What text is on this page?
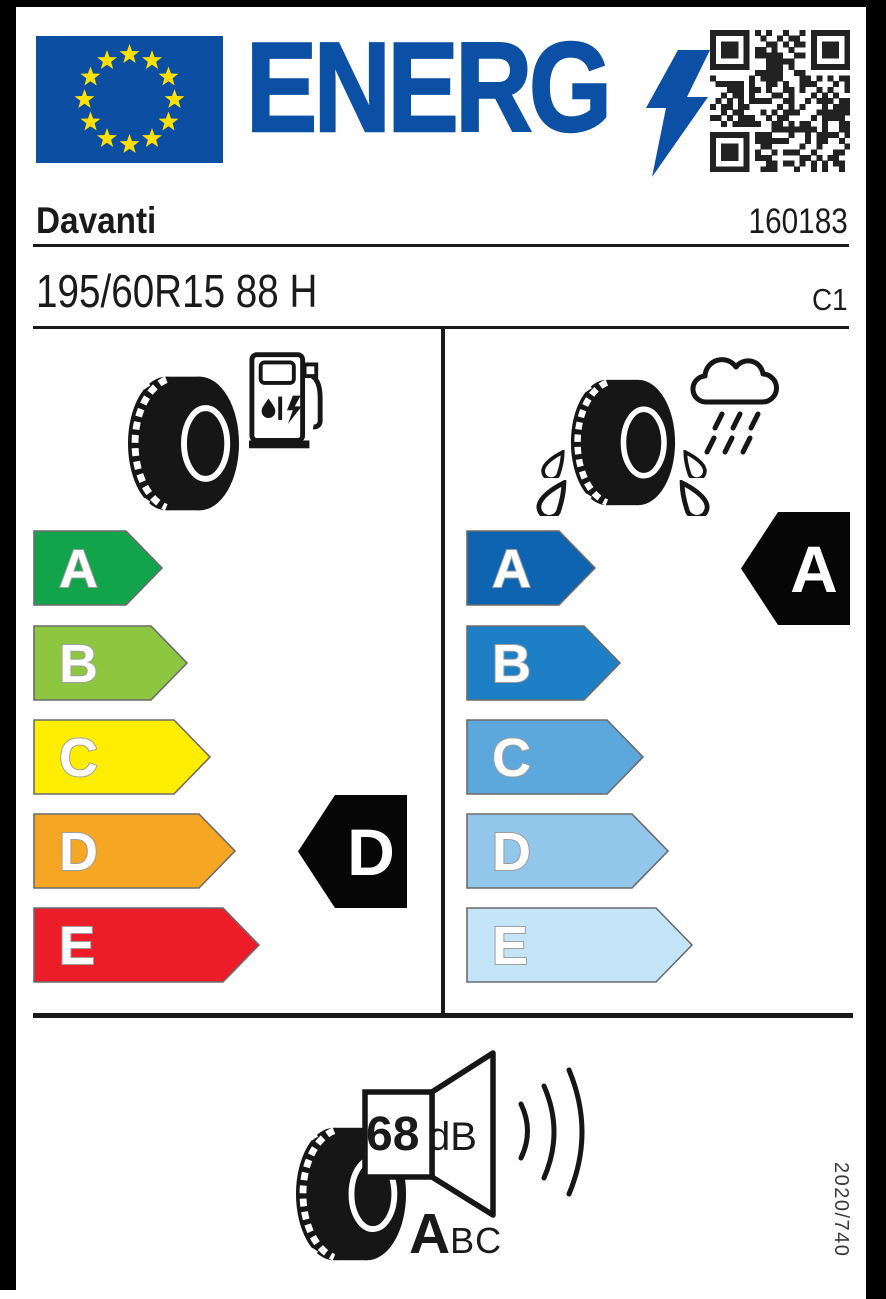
ENERG
Davanti	160183
195/60R15 88 H	C1
A
B
C
D
E
D
A
B
C
D
E
A
68 dB
A BC	2020/740
